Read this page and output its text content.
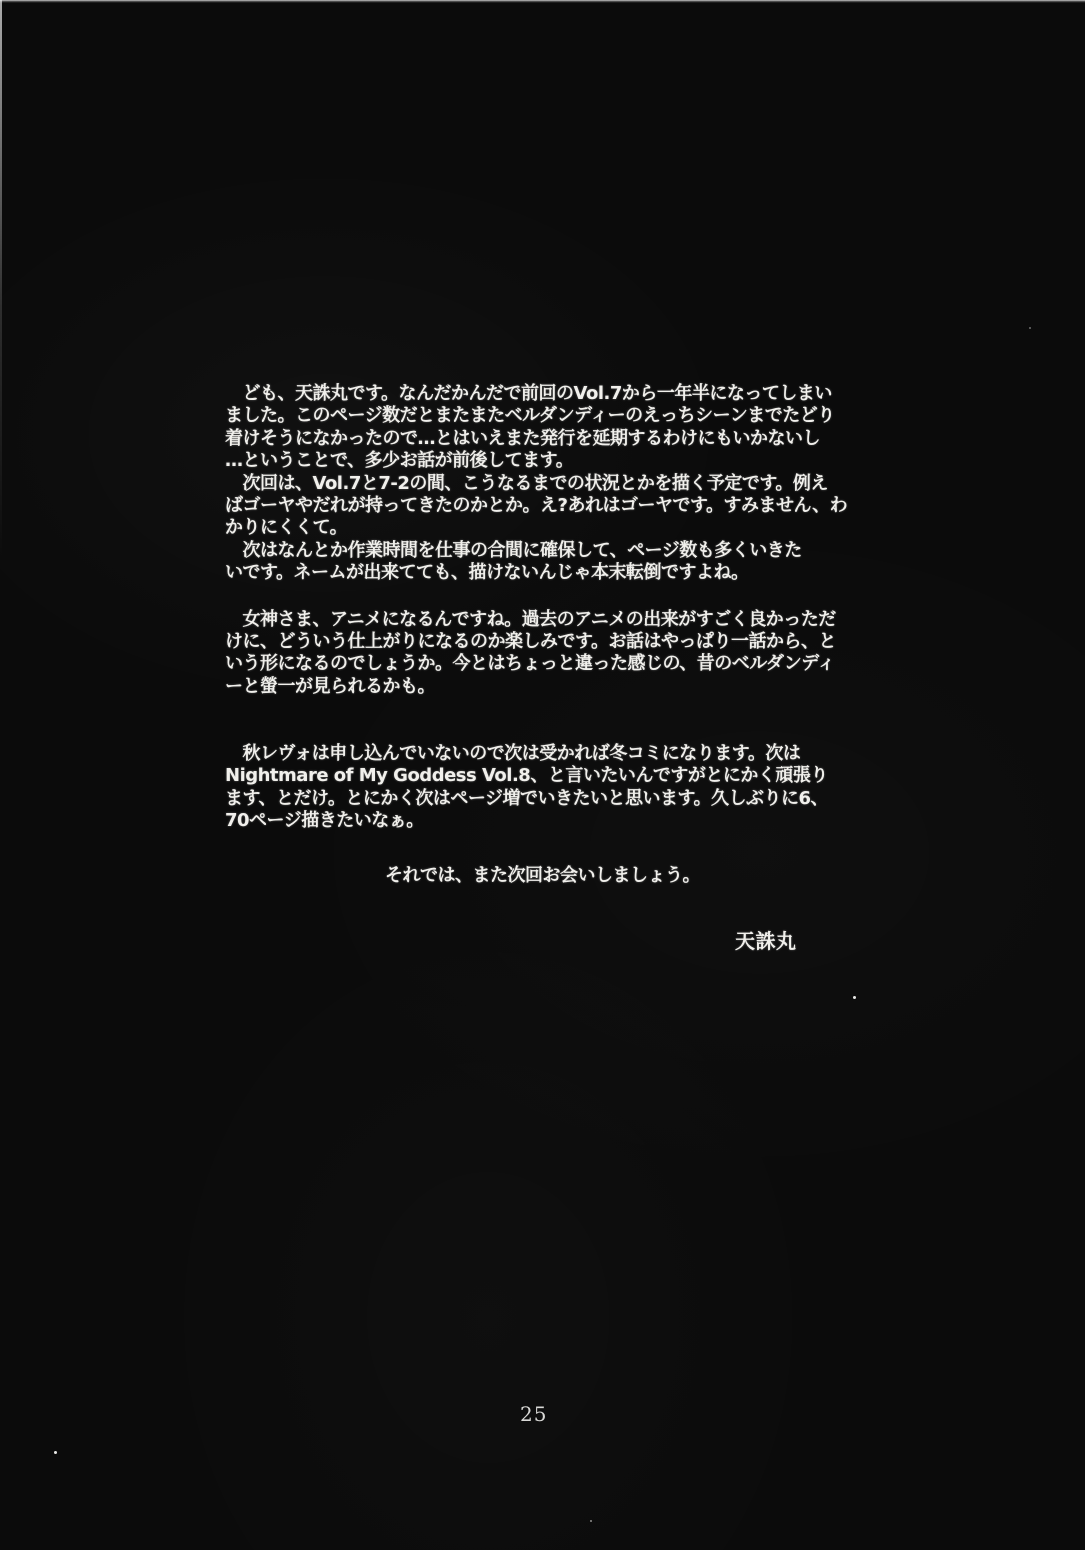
　ども、天誅丸です。なんだかんだで前回のVol.7から一年半になってしまい
ました。このページ数だとまたまたベルダンディーのえっちシーンまでたどり
着けそうになかったので…とはいえまた発行を延期するわけにもいかないし
…ということで、多少お話が前後してます。
　次回は、Vol.7と7-2の間、こうなるまでの状況とかを描く予定です。例え
ばゴーヤやだれが持ってきたのかとか。え?あれはゴーヤです。すみません、わ
かりにくくて。
　次はなんとか作業時間を仕事の合間に確保して、ページ数も多くいきた
いです。ネームが出来てても、描けないんじゃ本末転倒ですよね。
　女神さま、アニメになるんですね。過去のアニメの出来がすごく良かっただ
けに、どういう仕上がりになるのか楽しみです。お話はやっぱり一話から、と
いう形になるのでしょうか。今とはちょっと違った感じの、昔のベルダンディ
ーと螢一が見られるかも。
　秋レヴォは申し込んでいないので次は受かれば冬コミになります。次は
Nightmare of My Goddess Vol.8、と言いたいんですがとにかく頑張り
ます、とだけ。とにかく次はページ増でいきたいと思います。久しぶりに6、
70ページ描きたいなぁ。
それでは、また次回お会いしましょう。
天誅丸
25
